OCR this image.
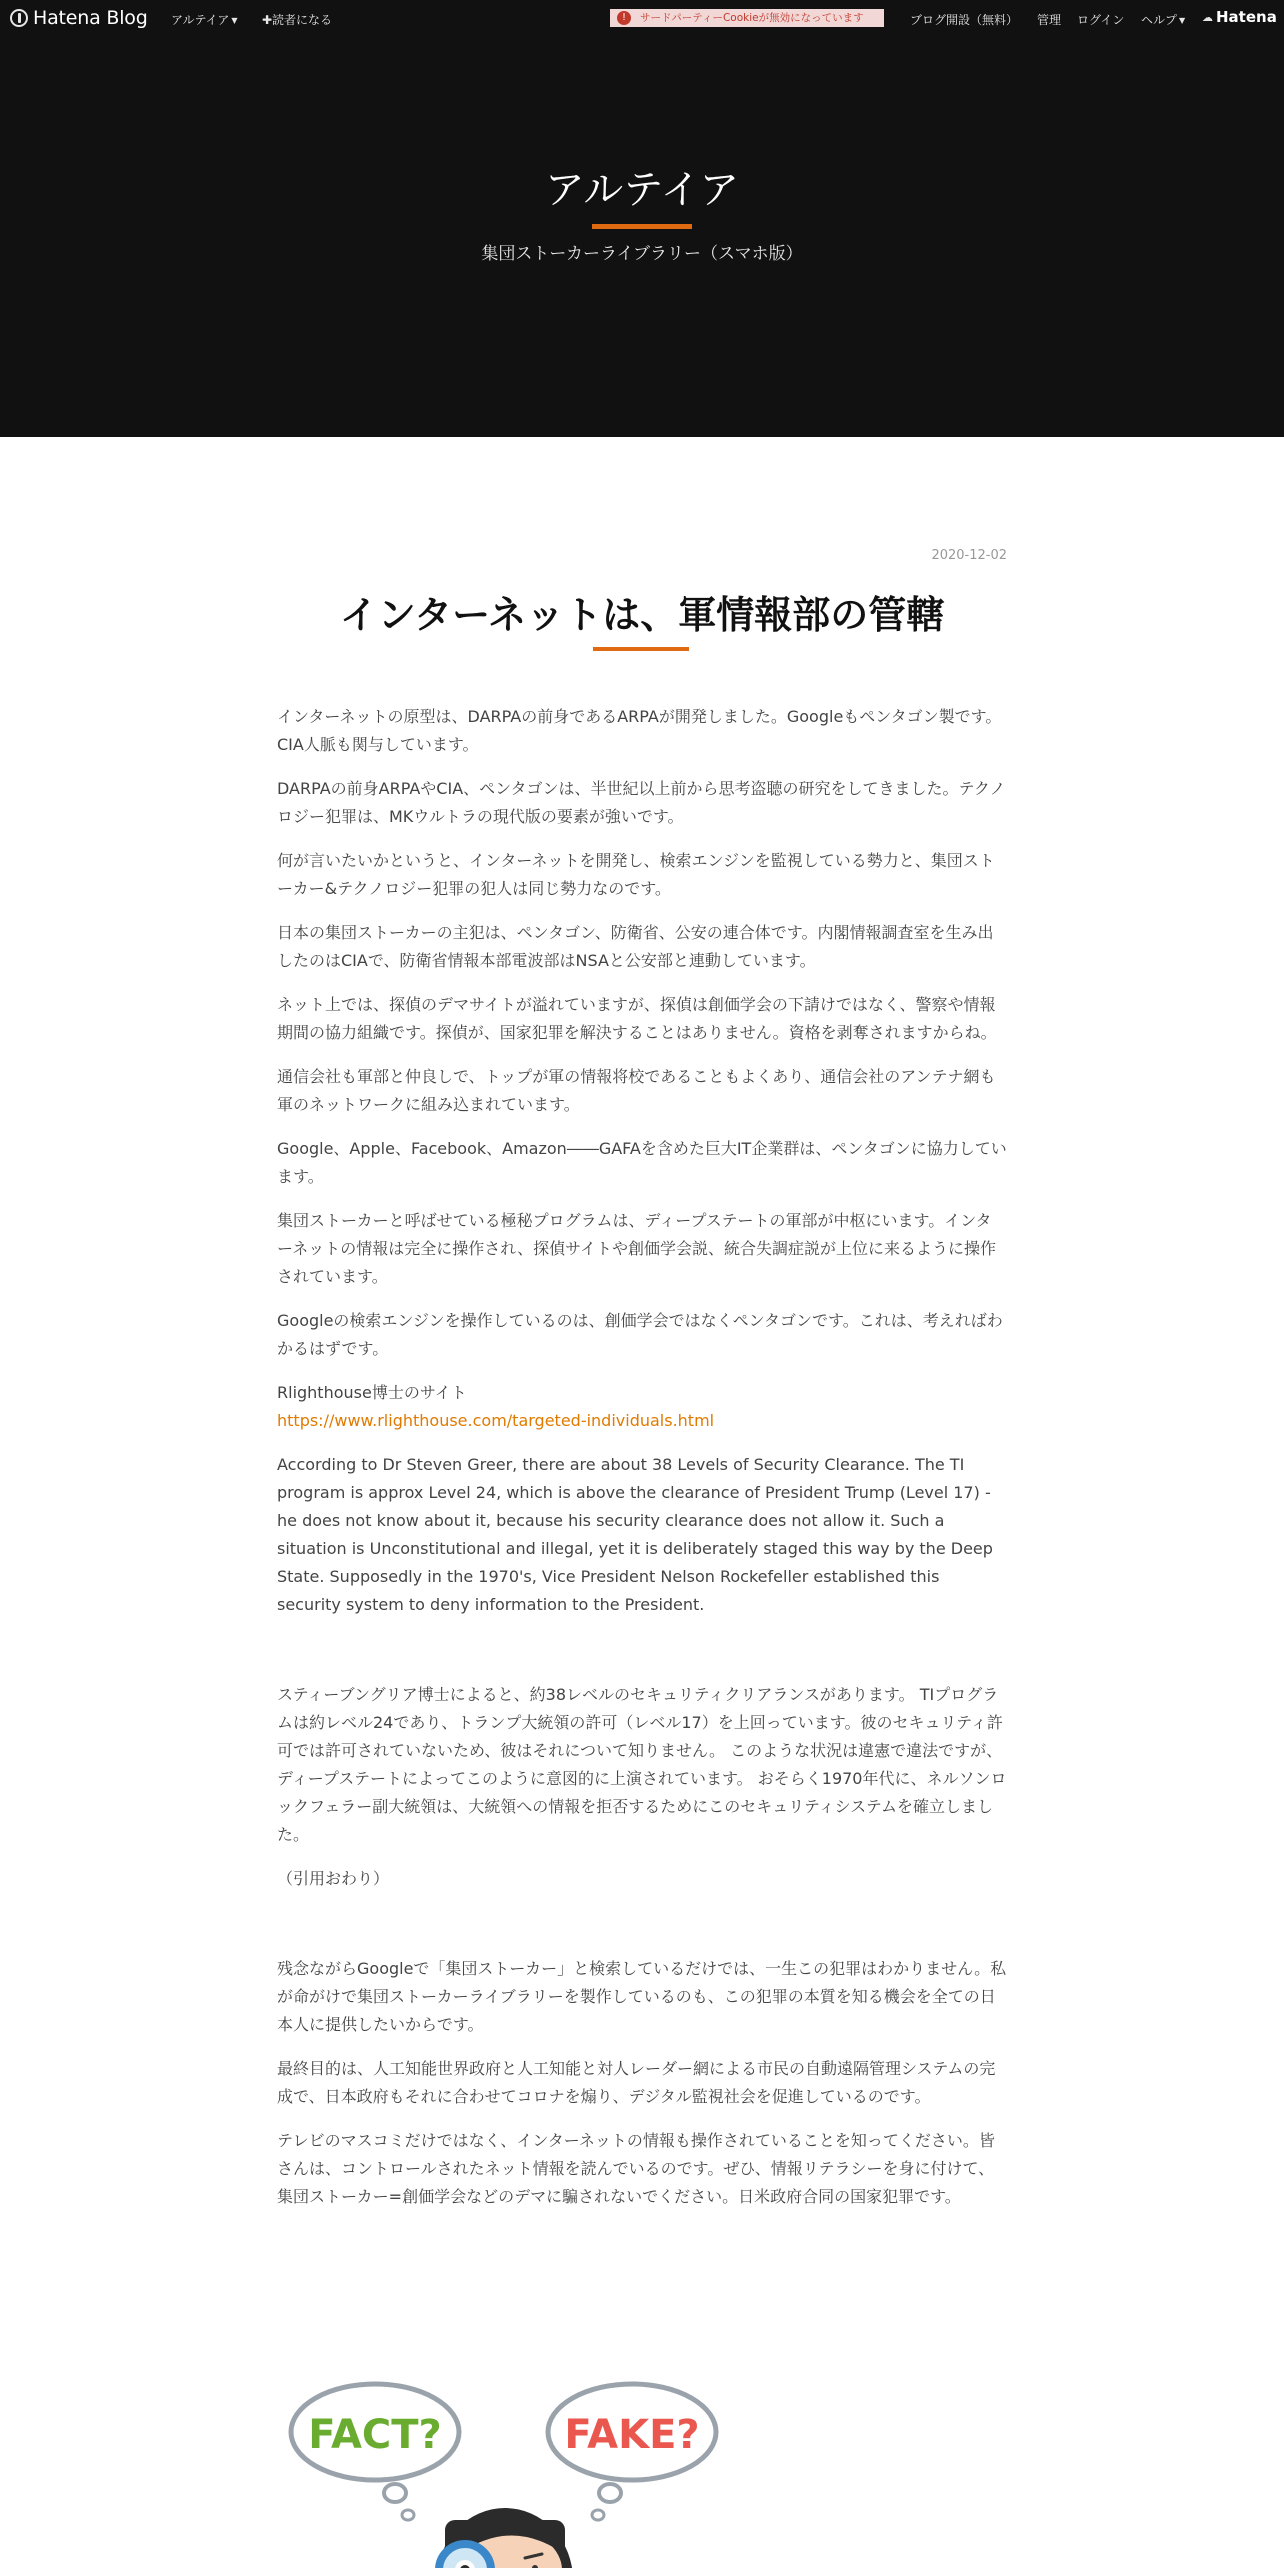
Hatena Blog アルテイア ▼ ✚読者になる	!	サードパーティーCookieが無効になっています	ブログ開設（無料） 管理 ログイン ヘルプ ▼ ☁ Hatena
アルテイア
集団ストーカーライブラリー（スマホ版）
2020-12-02
インターネットは、軍情報部の管轄

インターネットの原型は、DARPAの前身であるARPAが開発しました。Googleもペンタゴン製です。CIA人脈も関与しています。

DARPAの前身ARPAやCIA、ペンタゴンは、半世紀以上前から思考盗聴の研究をしてきました。テクノロジー犯罪は、MKウルトラの現代版の要素が強いです。

何が言いたいかというと、インターネットを開発し、検索エンジンを監視している勢力と、集団ストーカー&テクノロジー犯罪の犯人は同じ勢力なのです。

日本の集団ストーカーの主犯は、ペンタゴン、防衛省、公安の連合体です。内閣情報調査室を生み出したのはCIAで、防衛省情報本部電波部はNSAと公安部と連動しています。

ネット上では、探偵のデマサイトが溢れていますが、探偵は創価学会の下請けではなく、警察や情報期間の協力組織です。探偵が、国家犯罪を解決することはありません。資格を剥奪されますからね。

通信会社も軍部と仲良しで、トップが軍の情報将校であることもよくあり、通信会社のアンテナ網も軍のネットワークに組み込まれています。

Google、Apple、Facebook、Amazon――GAFAを含めた巨大IT企業群は、ペンタゴンに協力しています。

集団ストーカーと呼ばせている極秘プログラムは、ディープステートの軍部が中枢にいます。インターネットの情報は完全に操作され、探偵サイトや創価学会説、統合失調症説が上位に来るように操作されています。

Googleの検索エンジンを操作しているのは、創価学会ではなくペンタゴンです。これは、考えればわかるはずです。

Rlighthouse博士のサイト
https://www.rlighthouse.com/targeted-individuals.html

According to Dr Steven Greer, there are about 38 Levels of Security Clearance. The TI program is approx Level 24, which is above the clearance of President Trump (Level 17) - he does not know about it, because his security clearance does not allow it. Such a situation is Unconstitutional and illegal, yet it is deliberately staged this way by the Deep State. Supposedly in the 1970's, Vice President Nelson Rockefeller established this security system to deny information to the President.

スティーブングリア博士によると、約38レベルのセキュリティクリアランスがあります。 TIプログラムは約レベル24であり、トランプ大統領の許可（レベル17）を上回っています。彼のセキュリティ許可では許可されていないため、彼はそれについて知りません。 このような状況は違憲で違法ですが、ディープステートによってこのように意図的に上演されています。 おそらく1970年代に、ネルソンロックフェラー副大統領は、大統領への情報を拒否するためにこのセキュリティシステムを確立しました。

（引用おわり）

残念ながらGoogleで「集団ストーカー」と検索しているだけでは、一生この犯罪はわかりません。私が命がけで集団ストーカーライブラリーを製作しているのも、この犯罪の本質を知る機会を全ての日本人に提供したいからです。

最終目的は、人工知能世界政府と人工知能と対人レーダー網による市民の自動遠隔管理システムの完成で、日本政府もそれに合わせてコロナを煽り、デジタル監視社会を促進しているのです。

テレビのマスコミだけではなく、インターネットの情報も操作されていることを知ってください。皆さんは、コントロールされたネット情報を読んでいるのです。ぜひ、情報リテラシーを身に付けて、集団ストーカー=創価学会などのデマに騙されないでください。日米政府合同の国家犯罪です。

FACT?	FAKE?
